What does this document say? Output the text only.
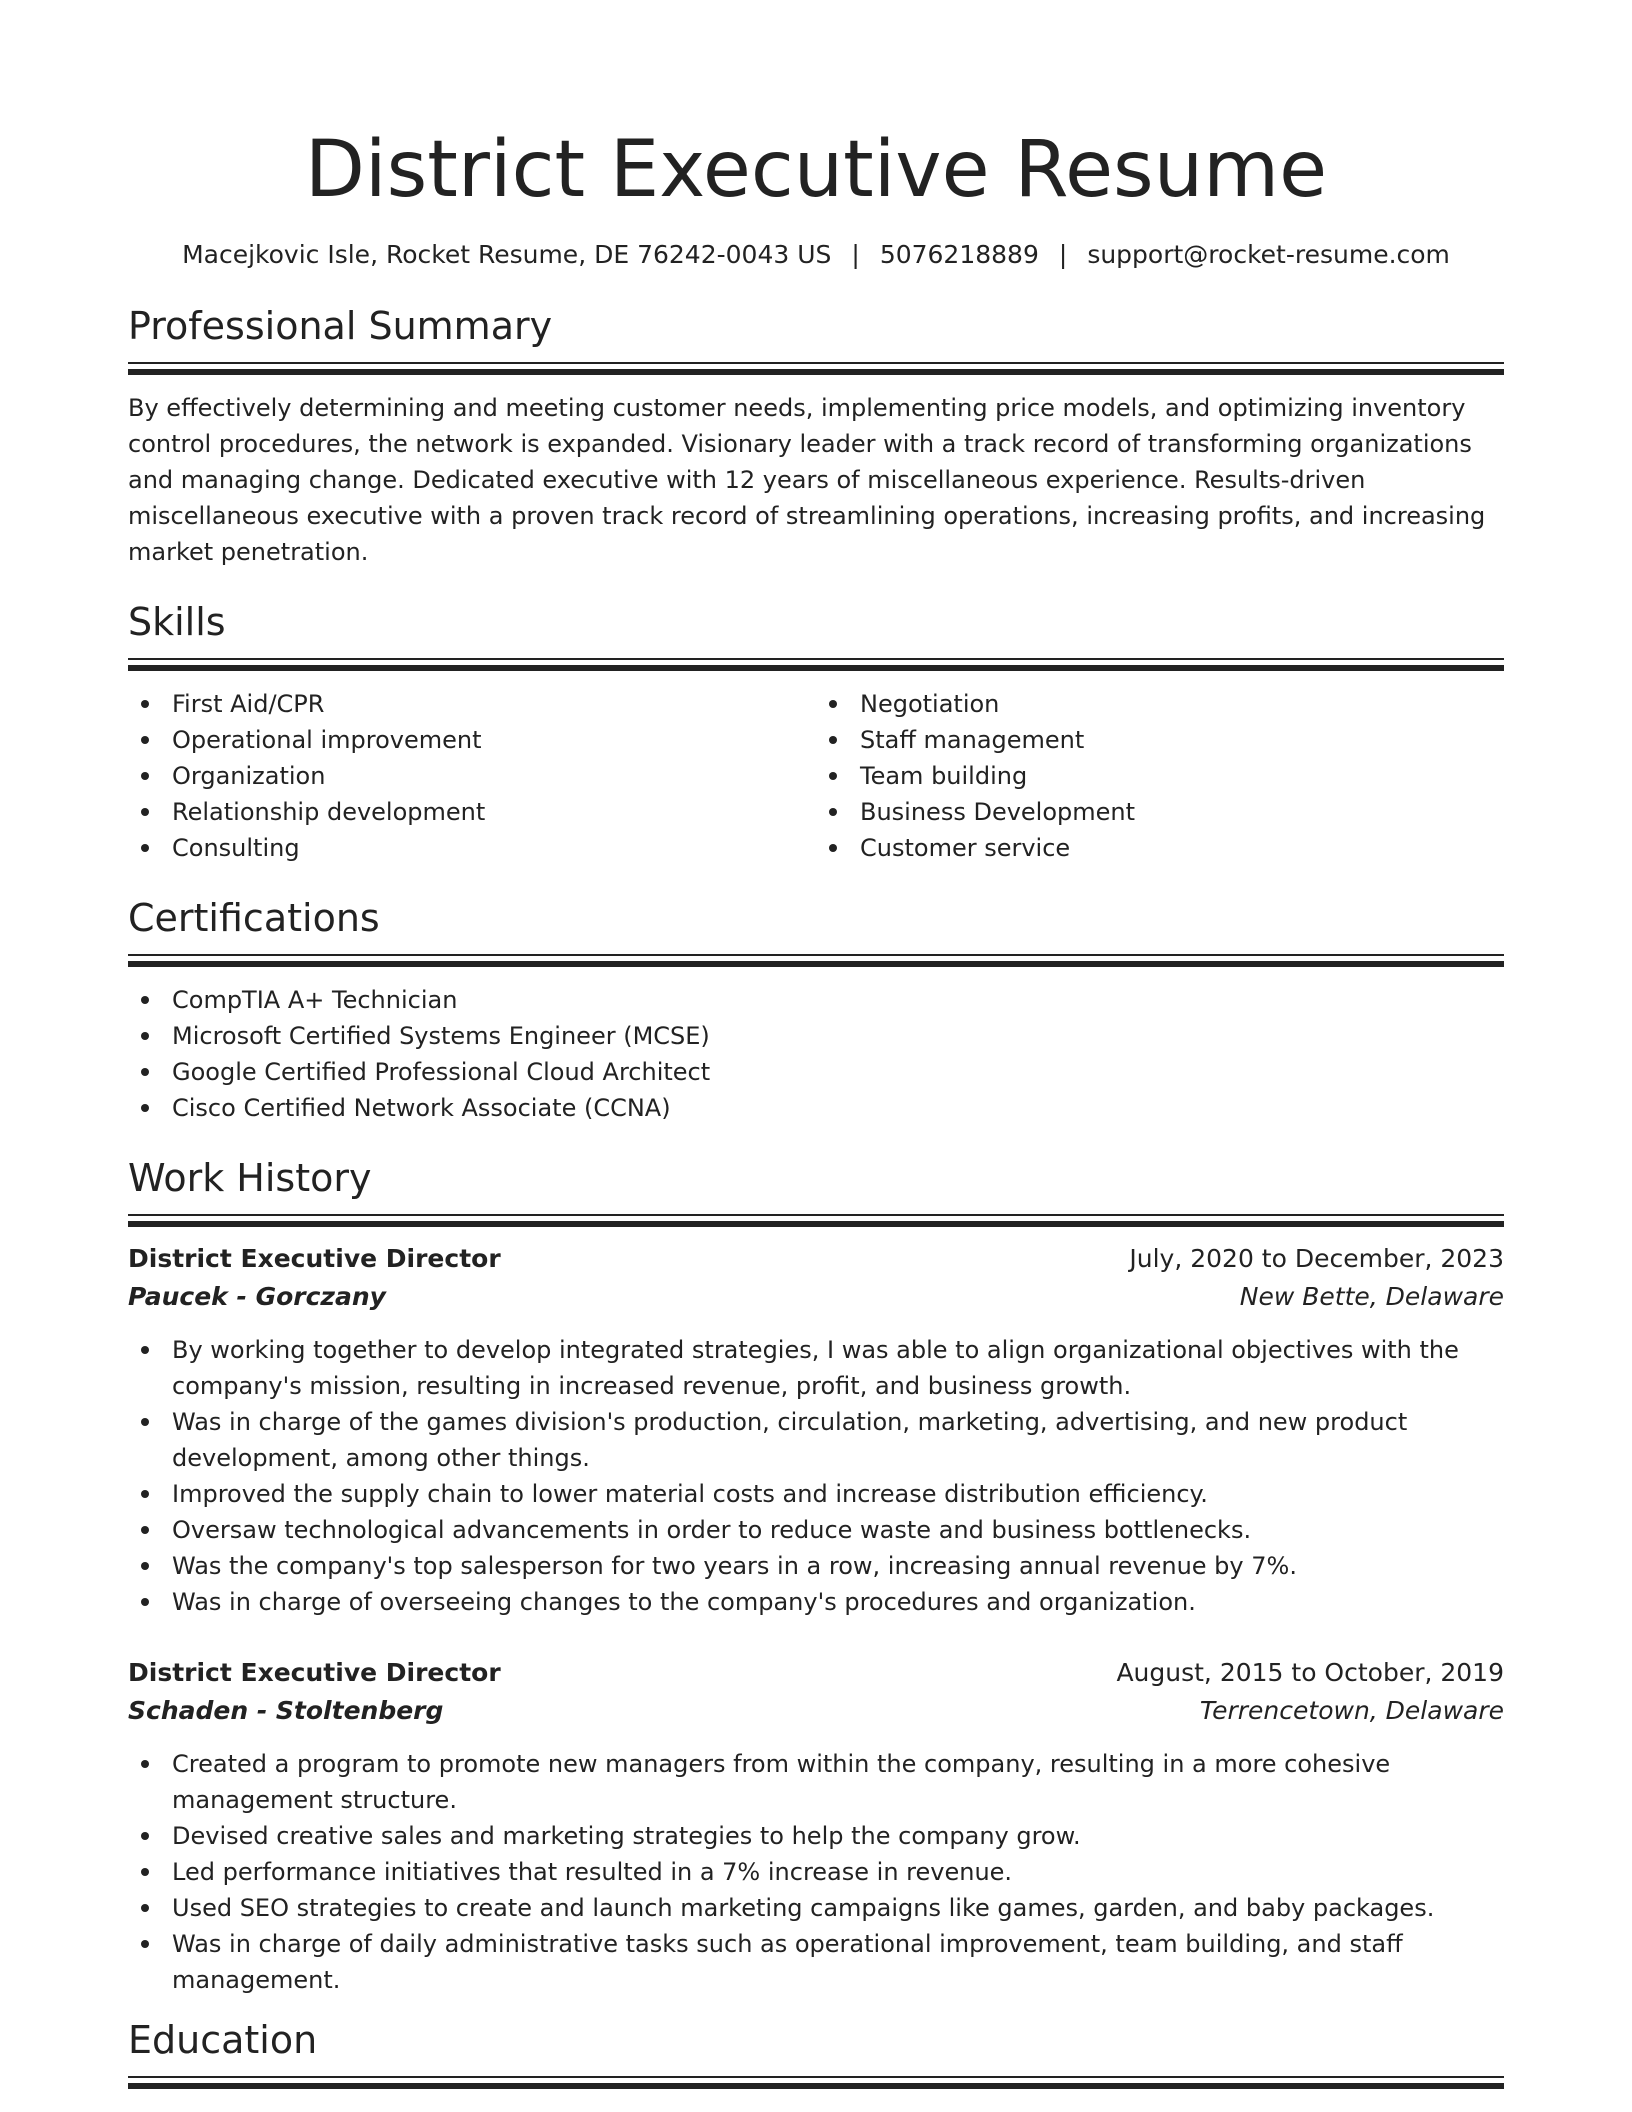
District Executive Resume
Macejkovic Isle, Rocket Resume, DE 76242-0043 US | 5076218889 | support@rocket-resume.com
Professional Summary

By effectively determining and meeting customer needs, implementing price models, and optimizing inventory control procedures, the network is expanded. Visionary leader with a track record of transforming organizations and managing change. Dedicated executive with 12 years of miscellaneous experience. Results-driven miscellaneous executive with a proven track record of streamlining operations, increasing profits, and increasing market penetration.

Skills
First Aid/CPR
Operational improvement
Organization
Relationship development
Consulting
Negotiation
Staff management
Team building
Business Development
Customer service
Certifications
CompTIA A+ Technician
Microsoft Certified Systems Engineer (MCSE)
Google Certified Professional Cloud Architect
Cisco Certified Network Associate (CCNA)
Work History
District Executive Director	July, 2020 to December, 2023
Paucek - Gorczany	New Bette, Delaware
By working together to develop integrated strategies, I was able to align organizational objectives with the company's mission, resulting in increased revenue, profit, and business growth.
Was in charge of the games division's production, circulation, marketing, advertising, and new product development, among other things.
Improved the supply chain to lower material costs and increase distribution efficiency.
Oversaw technological advancements in order to reduce waste and business bottlenecks.
Was the company's top salesperson for two years in a row, increasing annual revenue by 7%.
Was in charge of overseeing changes to the company's procedures and organization.
District Executive Director	August, 2015 to October, 2019
Schaden - Stoltenberg	Terrencetown, Delaware
Created a program to promote new managers from within the company, resulting in a more cohesive management structure.
Devised creative sales and marketing strategies to help the company grow.
Led performance initiatives that resulted in a 7% increase in revenue.
Used SEO strategies to create and launch marketing campaigns like games, garden, and baby packages.
Was in charge of daily administrative tasks such as operational improvement, team building, and staff management.
Education
